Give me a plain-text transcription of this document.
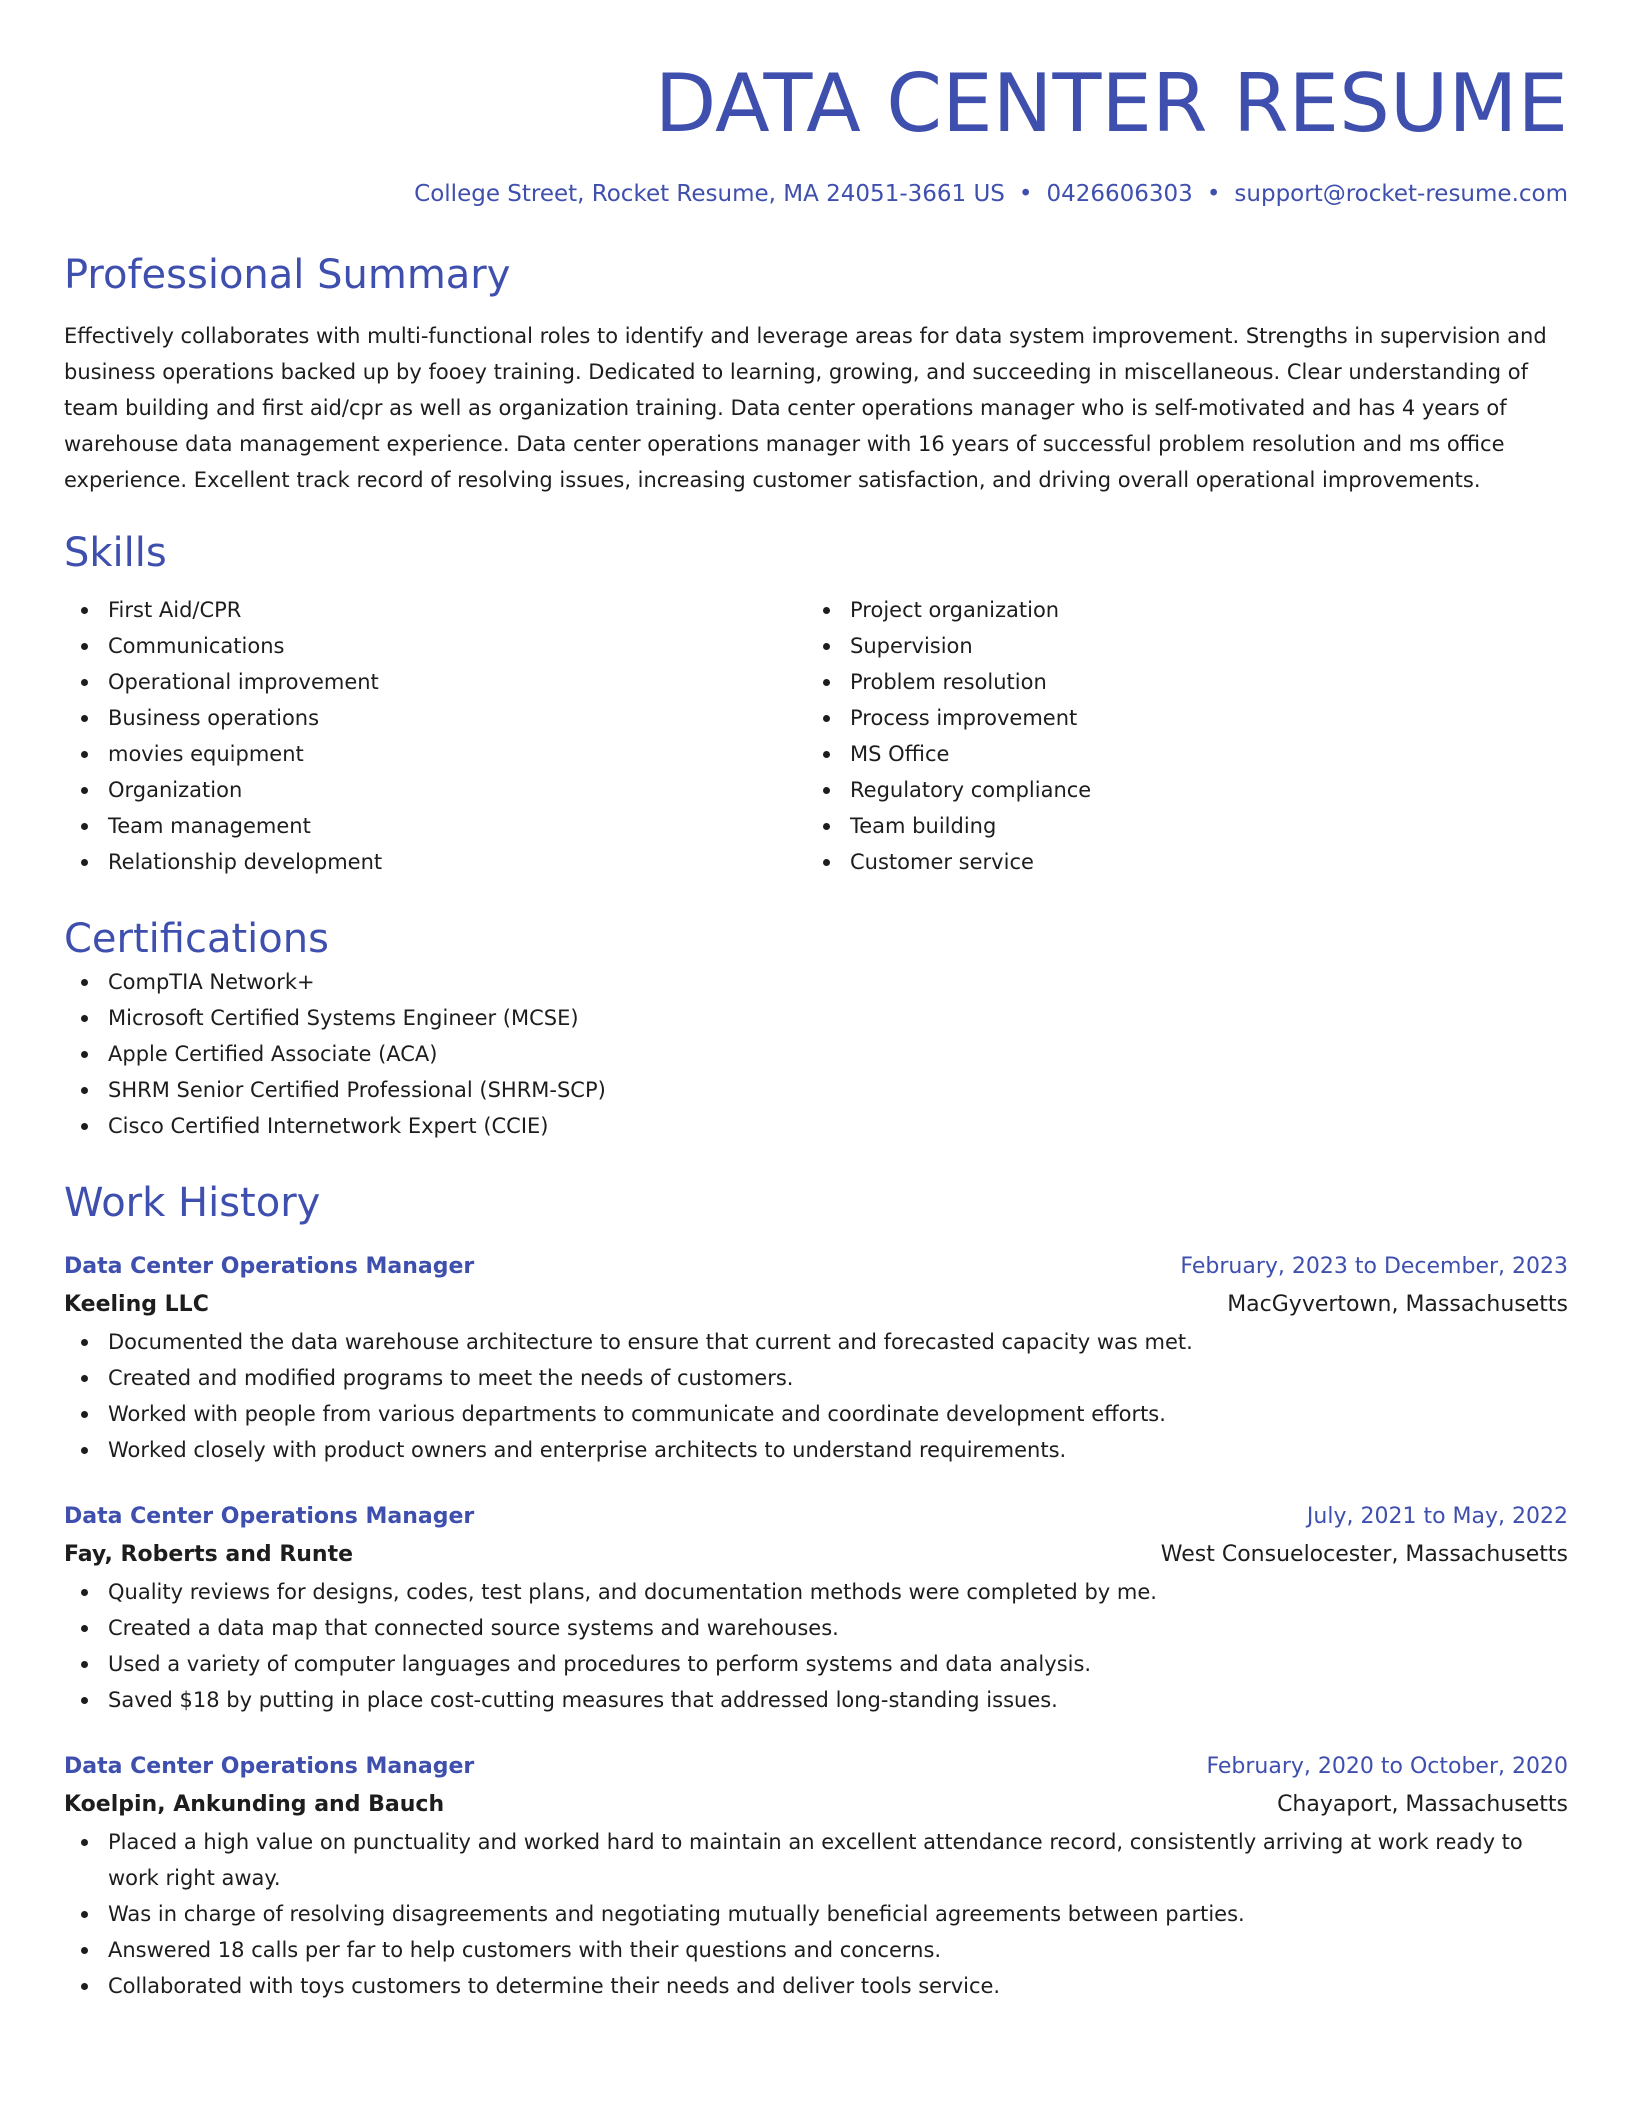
DATA CENTER RESUME
College Street, Rocket Resume, MA 24051-3661 US • 0426606303 • support@rocket-resume.com
Professional Summary
Effectively collaborates with multi-functional roles to identify and leverage areas for data system improvement. Strengths in supervision and business operations backed up by fooey training. Dedicated to learning, growing, and succeeding in miscellaneous. Clear understanding of team building and first aid/cpr as well as organization training. Data center operations manager who is self-motivated and has 4 years of warehouse data management experience. Data center operations manager with 16 years of successful problem resolution and ms office experience. Excellent track record of resolving issues, increasing customer satisfaction, and driving overall operational improvements.
Skills
First Aid/CPR
Communications
Operational improvement
Business operations
movies equipment
Organization
Team management
Relationship development
Project organization
Supervision
Problem resolution
Process improvement
MS Office
Regulatory compliance
Team building
Customer service
Certifications
CompTIA Network+
Microsoft Certified Systems Engineer (MCSE)
Apple Certified Associate (ACA)
SHRM Senior Certified Professional (SHRM-SCP)
Cisco Certified Internetwork Expert (CCIE)
Work History
Data Center Operations Manager	February, 2023 to December, 2023
Keeling LLC	MacGyvertown, Massachusetts
Documented the data warehouse architecture to ensure that current and forecasted capacity was met.
Created and modified programs to meet the needs of customers.
Worked with people from various departments to communicate and coordinate development efforts.
Worked closely with product owners and enterprise architects to understand requirements.
Data Center Operations Manager	July, 2021 to May, 2022
Fay, Roberts and Runte	West Consuelocester, Massachusetts
Quality reviews for designs, codes, test plans, and documentation methods were completed by me.
Created a data map that connected source systems and warehouses.
Used a variety of computer languages and procedures to perform systems and data analysis.
Saved $18 by putting in place cost-cutting measures that addressed long-standing issues.
Data Center Operations Manager	February, 2020 to October, 2020
Koelpin, Ankunding and Bauch	Chayaport, Massachusetts
Placed a high value on punctuality and worked hard to maintain an excellent attendance record, consistently arriving at work ready to work right away.
Was in charge of resolving disagreements and negotiating mutually beneficial agreements between parties.
Answered 18 calls per far to help customers with their questions and concerns.
Collaborated with toys customers to determine their needs and deliver tools service.
